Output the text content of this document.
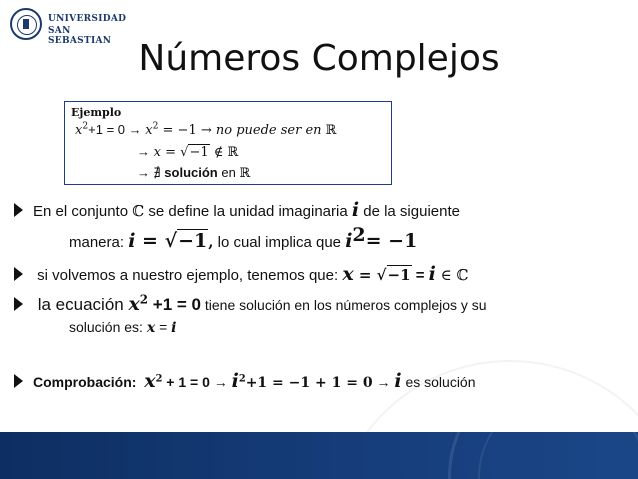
UNIVERSIDAD
SAN SEBASTIAN Números Complejos
Ejemplo
$x^2+1 = 0 \to x^2 = -1$ → no puede ser en ℝ
→ x = √−1 ∉ ℝ
→ ∄ solución en ℝ
En el conjunto ℂ se define la unidad imaginaria i de la siguiente
manera: i = √−1, lo cual implica que $i^2= -1$
si volvemos a nuestro ejemplo, tenemos que: x = √−1 = i ∈ ℂ
la ecuación $x^2 +1 = 0$ tiene solución en los números complejos y su
solución es: x = i
Comprobación: $x^2 + 1 = 0 \to i^2+1 = -1 + 1 = 0 \to i$ es solución
